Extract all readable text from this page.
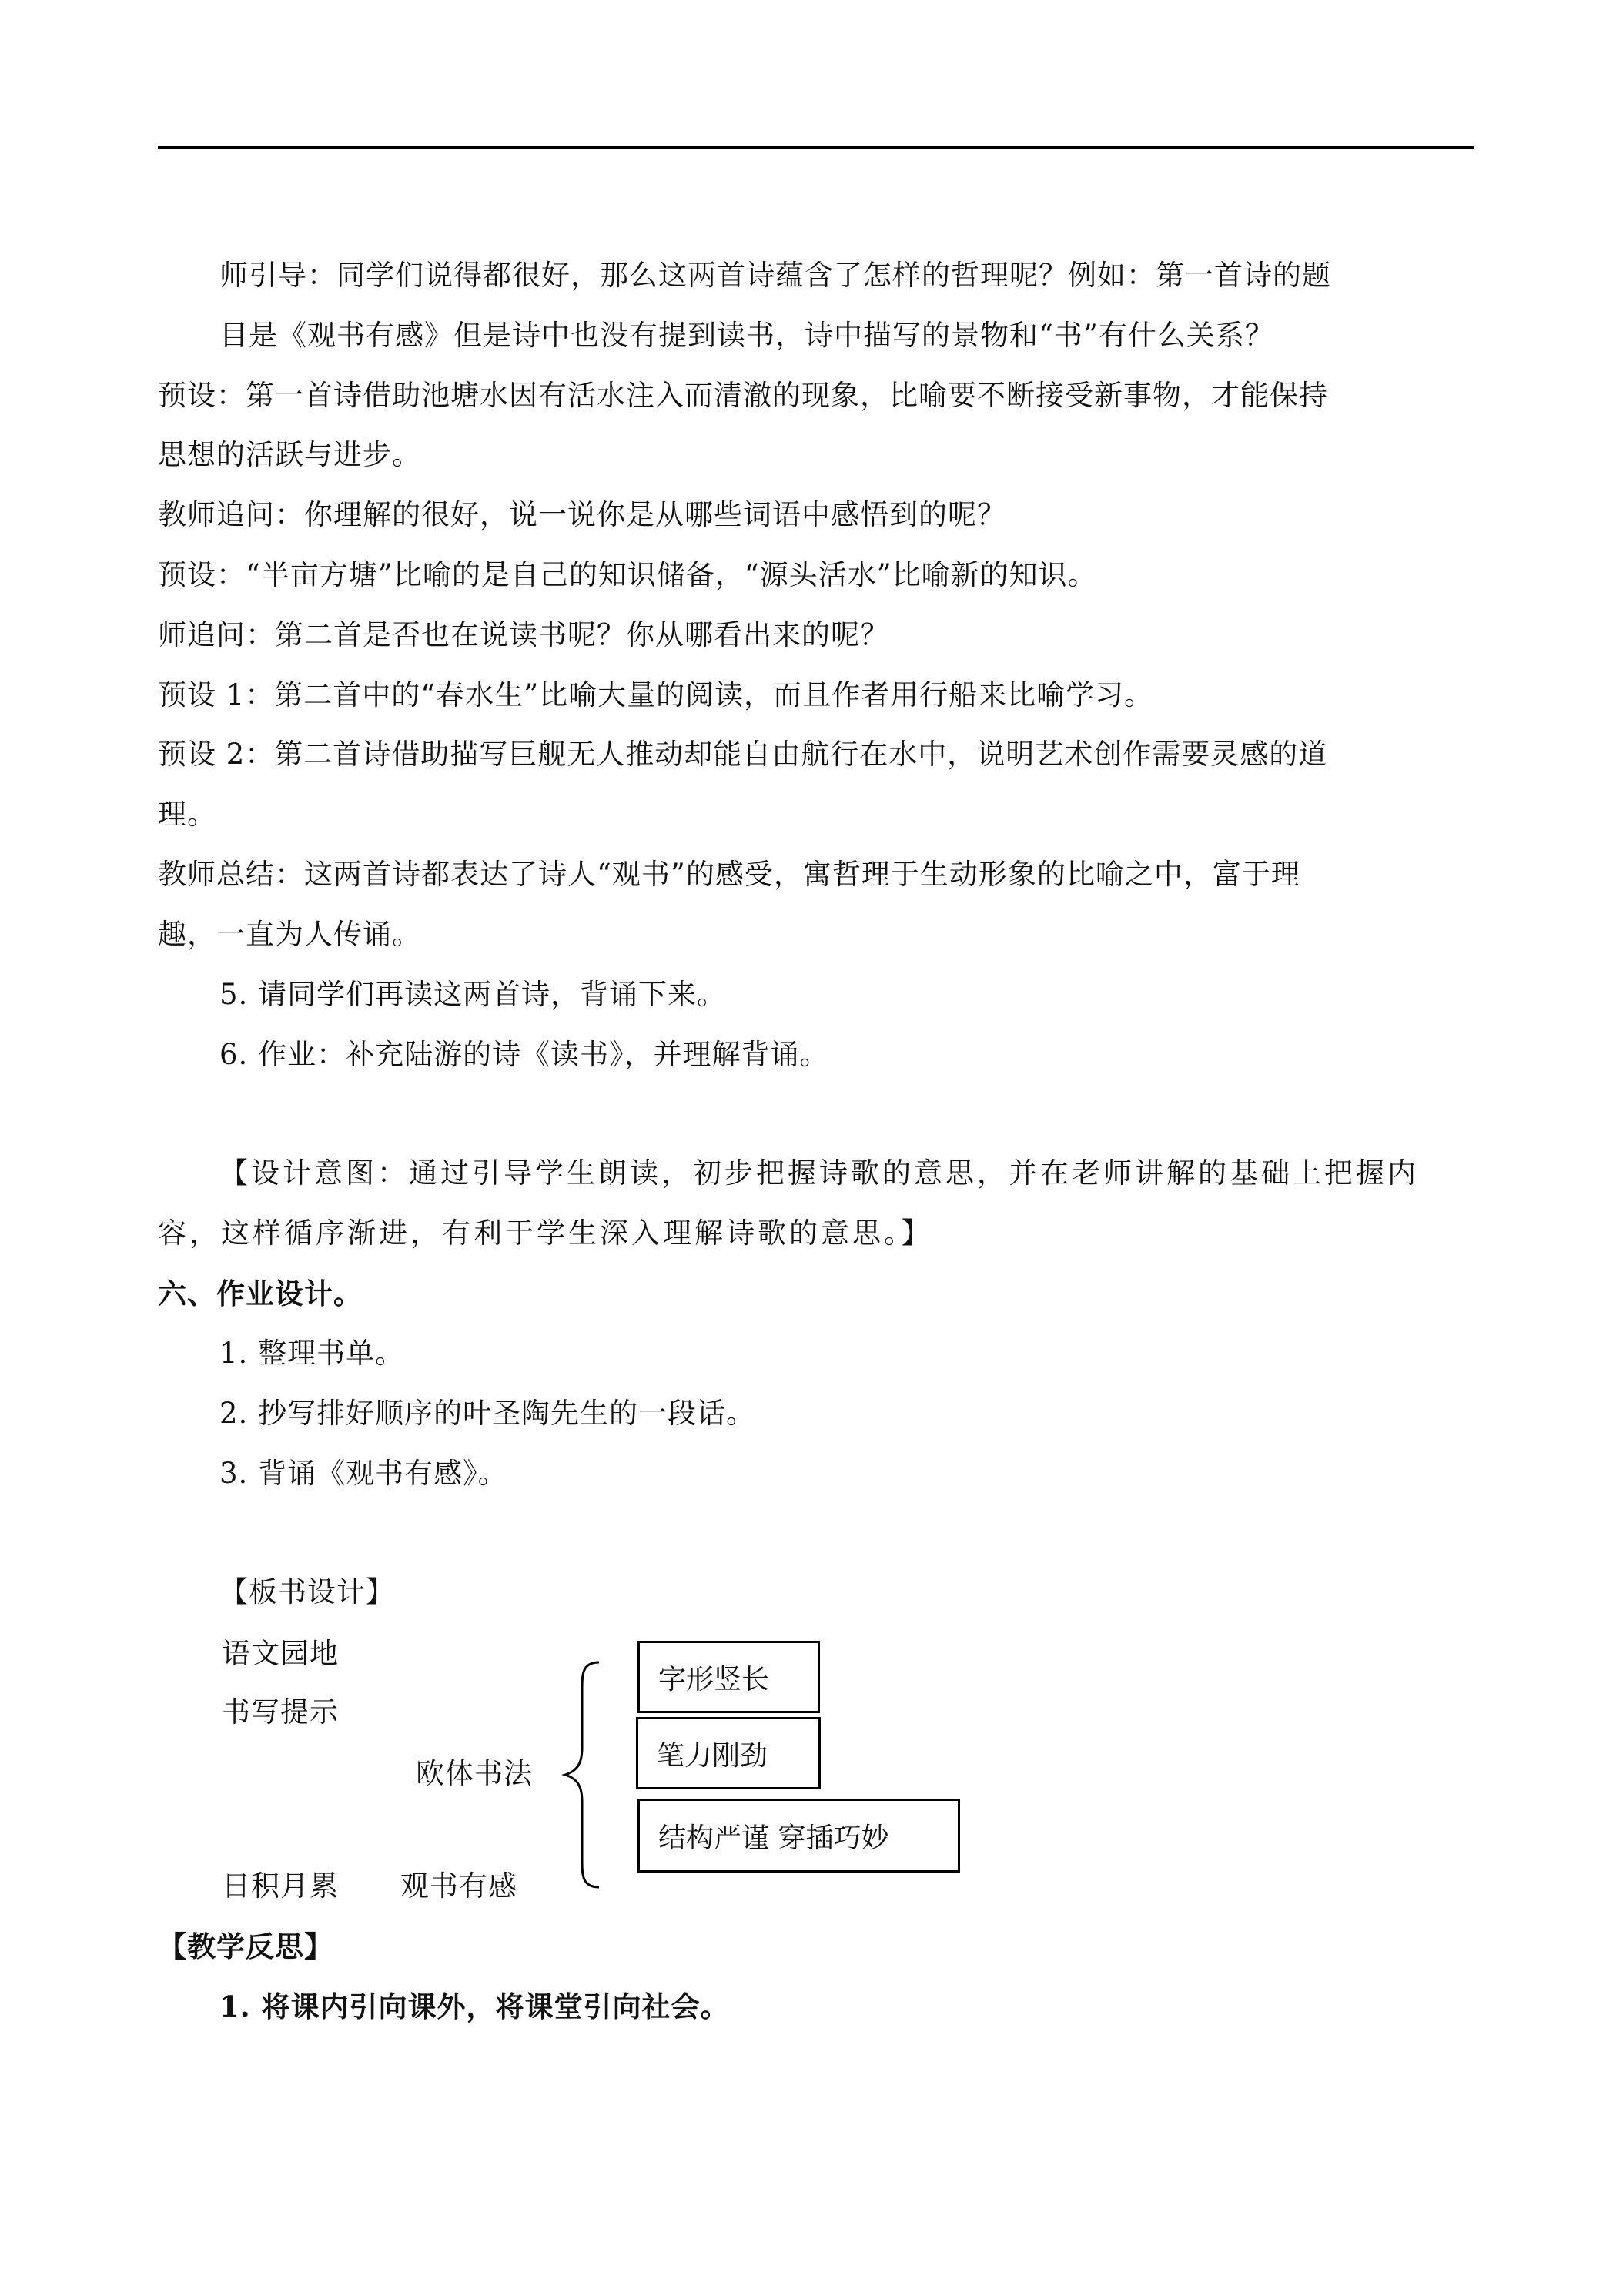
师引导：同学们说得都很好，那么这两首诗蕴含了怎样的哲理呢？例如：第一首诗的题
目是《观书有感》但是诗中也没有提到读书，诗中描写的景物和“书”有什么关系？
预设：第一首诗借助池塘水因有活水注入而清澈的现象，比喻要不断接受新事物，才能保持
思想的活跃与进步。
教师追问：你理解的很好，说一说你是从哪些词语中感悟到的呢？
预设：“半亩方塘”比喻的是自己的知识储备，“源头活水”比喻新的知识。
师追问：第二首是否也在说读书呢？你从哪看出来的呢？
预设 1：第二首中的“春水生”比喻大量的阅读，而且作者用行船来比喻学习。
预设 2：第二首诗借助描写巨舰无人推动却能自由航行在水中，说明艺术创作需要灵感的道
理。
教师总结：这两首诗都表达了诗人“观书”的感受，寓哲理于生动形象的比喻之中，富于理
趣，一直为人传诵。
5. 请同学们再读这两首诗，背诵下来。
6. 作业：补充陆游的诗《读书》，并理解背诵。
【设计意图：通过引导学生朗读，初步把握诗歌的意思，并在老师讲解的基础上把握内
容，这样循序渐进，有利于学生深入理解诗歌的意思。】
六、作业设计。
1. 整理书单。
2. 抄写排好顺序的叶圣陶先生的一段话。
3. 背诵《观书有感》。
【板书设计】
语文园地
书写提示
欧体书法
日积月累 观书有感
字形竖长
笔力刚劲
结构严谨 穿插巧妙
【教学反思】
1. 将课内引向课外，将课堂引向社会。
